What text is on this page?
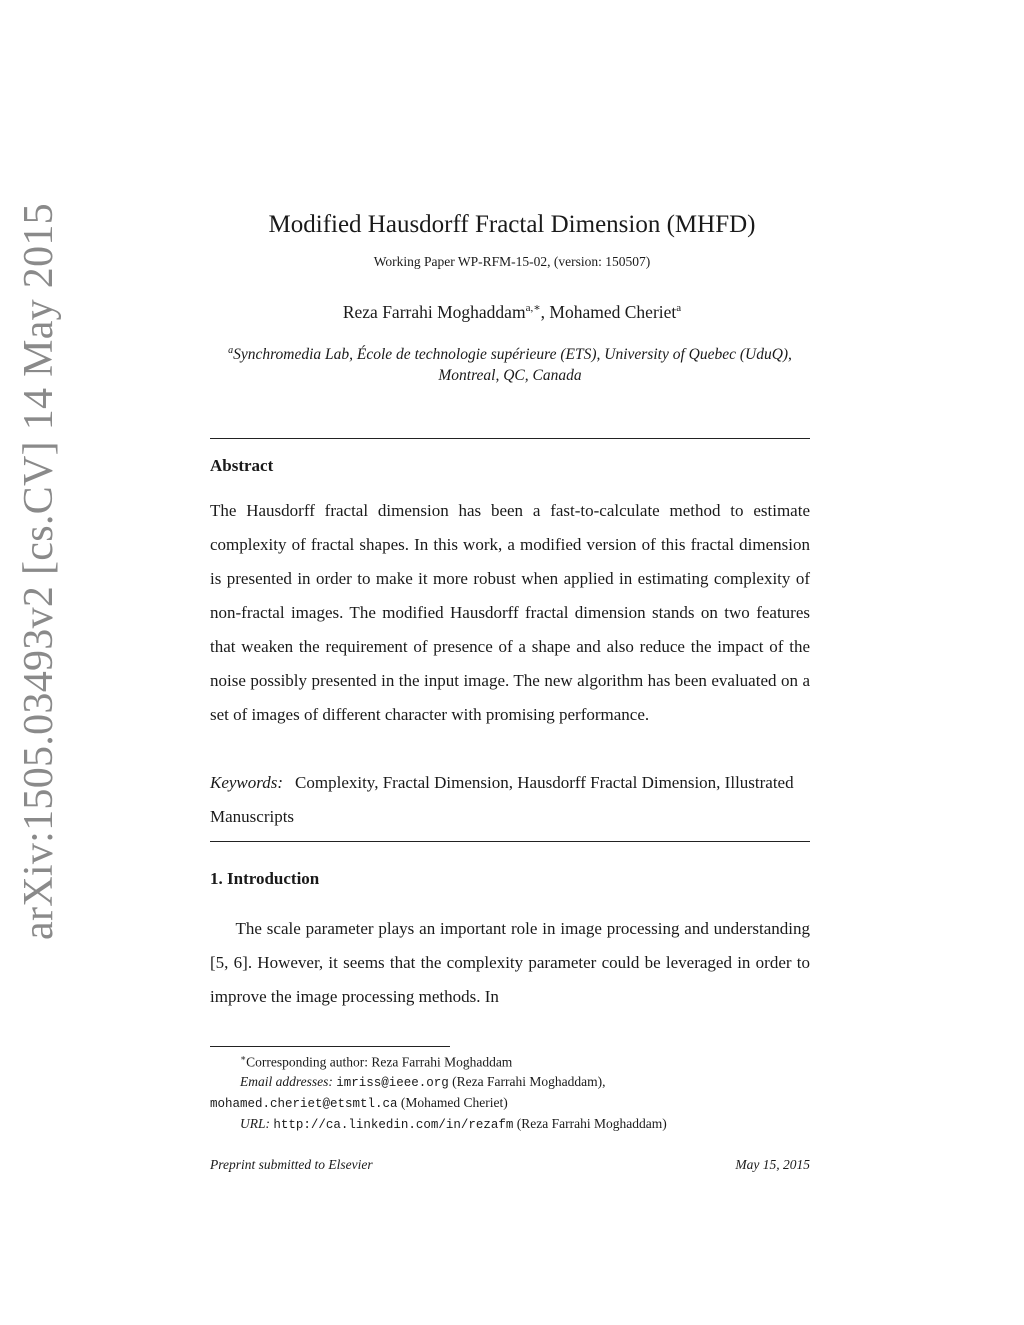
arXiv:1505.03493v2 [cs.CV] 14 May 2015	Modified Hausdorff Fractal Dimension (MHFD)
Working Paper WP-RFM-15-02, (version: 150507)
Reza Farrahi Moghaddam$^{a,∗}$, Mohamed Cheriet$^a$
$^a$Synchromedia Lab, École de technologie supérieure (ETS), University of Quebec (UduQ), Montreal, QC, Canada
Abstract
The Hausdorff fractal dimension has been a fast-to-calculate method to estimate complexity of fractal shapes. In this work, a modified version of this fractal dimension is presented in order to make it more robust when applied in estimating complexity of non-fractal images. The modified Hausdorff fractal dimension stands on two features that weaken the requirement of presence of a shape and also reduce the impact of the noise possibly presented in the input image. The new algorithm has been evaluated on a set of images of different character with promising performance.
Keywords: Complexity, Fractal Dimension, Hausdorff Fractal Dimension, Illustrated Manuscripts
1. Introduction
  The scale parameter plays an important role in image processing and understanding [5, 6]. However, it seems that the complexity parameter could be leveraged in order to improve the image processing methods. In
∗Corresponding author: Reza Farrahi Moghaddam
Email addresses: imriss@ieee.org (Reza Farrahi Moghaddam),
mohamed.cheriet@etsmtl.ca (Mohamed Cheriet)
URL: http://ca.linkedin.com/in/rezafm (Reza Farrahi Moghaddam)
Preprint submitted to Elsevier	May 15, 2015
